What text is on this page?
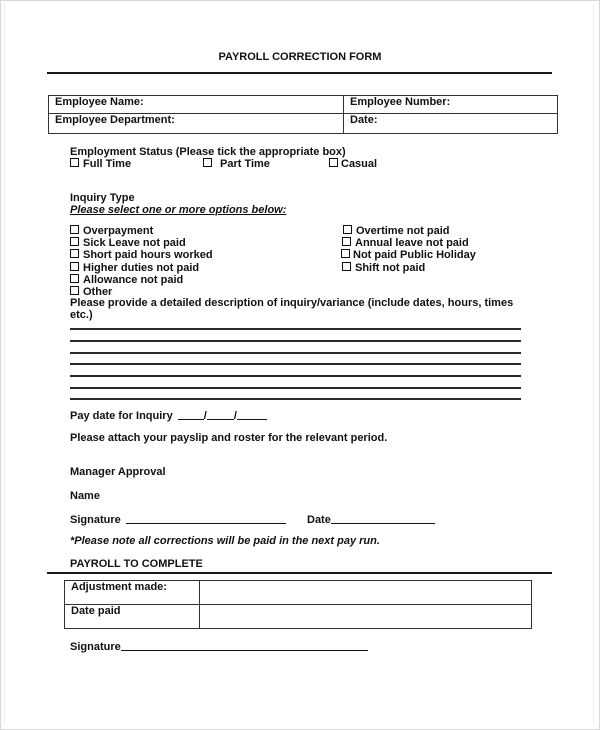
PAYROLL CORRECTION FORM
Employee Name:	Employee Number:
Employee Department:	Date:
Employment Status (Please tick the appropriate box)
Full Time	Part Time	Casual
Inquiry Type
Please select one or more options below:
Overpayment
Sick Leave not paid
Short paid hours worked
Higher duties not paid
Allowance not paid
Other
Overtime not paid
Annual leave not paid
Not paid Public Holiday
Shift not paid
Please provide a detailed description of inquiry/variance (include dates, hours, times
etc.)
Pay date for Inquiry	/ /
Please attach your payslip and roster for the relevant period.
Manager Approval
Name
Signature	Date
*Please note all corrections will be paid in the next pay run.
PAYROLL TO COMPLETE
Adjustment made:	
Date paid	
Signature
